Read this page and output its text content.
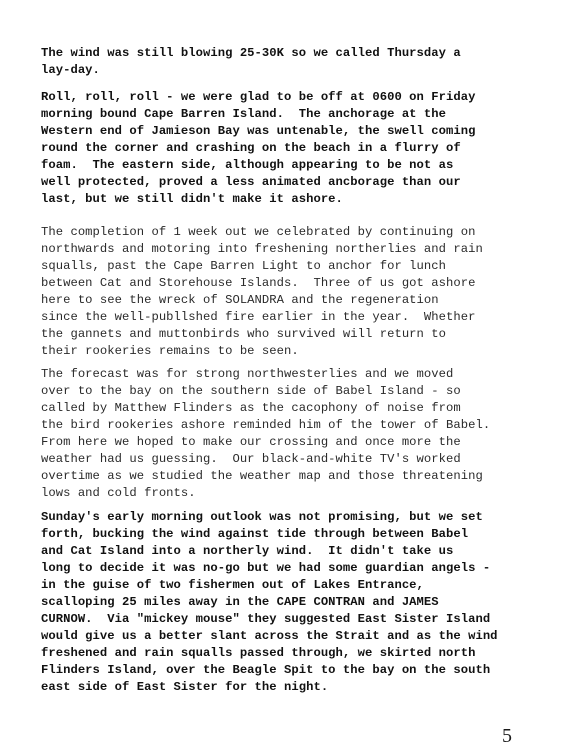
The wind was still blowing 25-30K so we called Thursday a
lay-day.
Roll, roll, roll - we were glad to be off at 0600 on Friday
morning bound Cape Barren Island.  The anchorage at the
Western end of Jamieson Bay was untenable, the swell coming
round the corner and crashing on the beach in a flurry of
foam.  The eastern side, although appearing to be not as
well protected, proved a less animated ancborage than our
last, but we still didn't make it ashore.
The completion of 1 week out we celebrated by continuing on
northwards and motoring into freshening northerlies and rain
squalls, past the Cape Barren Light to anchor for lunch
between Cat and Storehouse Islands.  Three of us got ashore
here to see the wreck of SOLANDRA and the regeneration
since the well-publlshed fire earlier in the year.  Whether
the gannets and muttonbirds who survived will return to
their rookeries remains to be seen.
The forecast was for strong northwesterlies and we moved
over to the bay on the southern side of Babel Island - so
called by Matthew Flinders as the cacophony of noise from
the bird rookeries ashore reminded him of the tower of Babel.
From here we hoped to make our crossing and once more the
weather had us guessing.  Our black-and-white TV's worked
overtime as we studied the weather map and those threatening
lows and cold fronts.
Sunday's early morning outlook was not promising, but we set
forth, bucking the wind against tide through between Babel
and Cat Island into a northerly wind.  It didn't take us
long to decide it was no-go but we had some guardian angels -
in the guise of two fishermen out of Lakes Entrance,
scalloping 25 miles away in the CAPE CONTRAN and JAMES
CURNOW.  Via "mickey mouse" they suggested East Sister Island
would give us a better slant across the Strait and as the wind
freshened and rain squalls passed through, we skirted north
Flinders Island, over the Beagle Spit to the bay on the south
east side of East Sister for the night.
5
